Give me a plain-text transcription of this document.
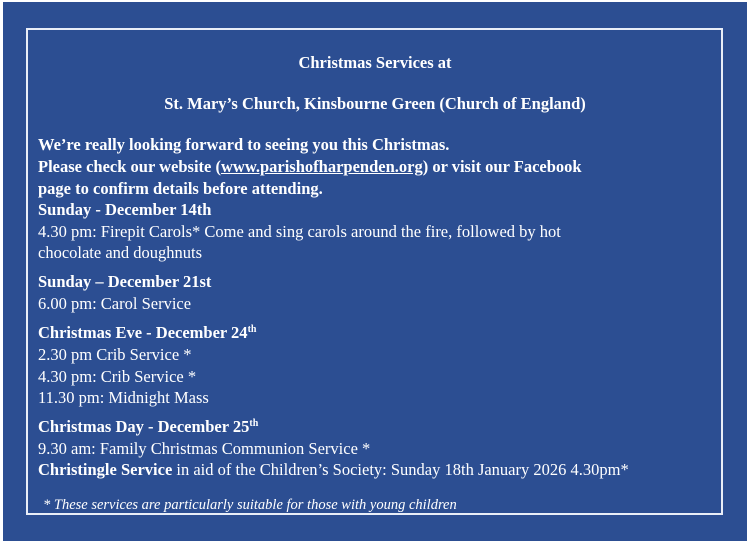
Christmas Services at
St. Mary’s Church, Kinsbourne Green (Church of England)
We’re really looking forward to seeing you this Christmas.
Please check our website (www.parishofharpenden.org) or visit our Facebook
page to confirm details before attending.
Sunday - December 14th
4.30 pm: Firepit Carols* Come and sing carols around the fire, followed by hot
chocolate and doughnuts
Sunday – December 21st
6.00 pm: Carol Service
Christmas Eve - December 24th
2.30 pm Crib Service *
4.30 pm: Crib Service *
11.30 pm: Midnight Mass
Christmas Day - December 25th
9.30 am: Family Christmas Communion Service *
Christingle Service in aid of the Children’s Society: Sunday 18th January 2026 4.30pm*
* These services are particularly suitable for those with young children
